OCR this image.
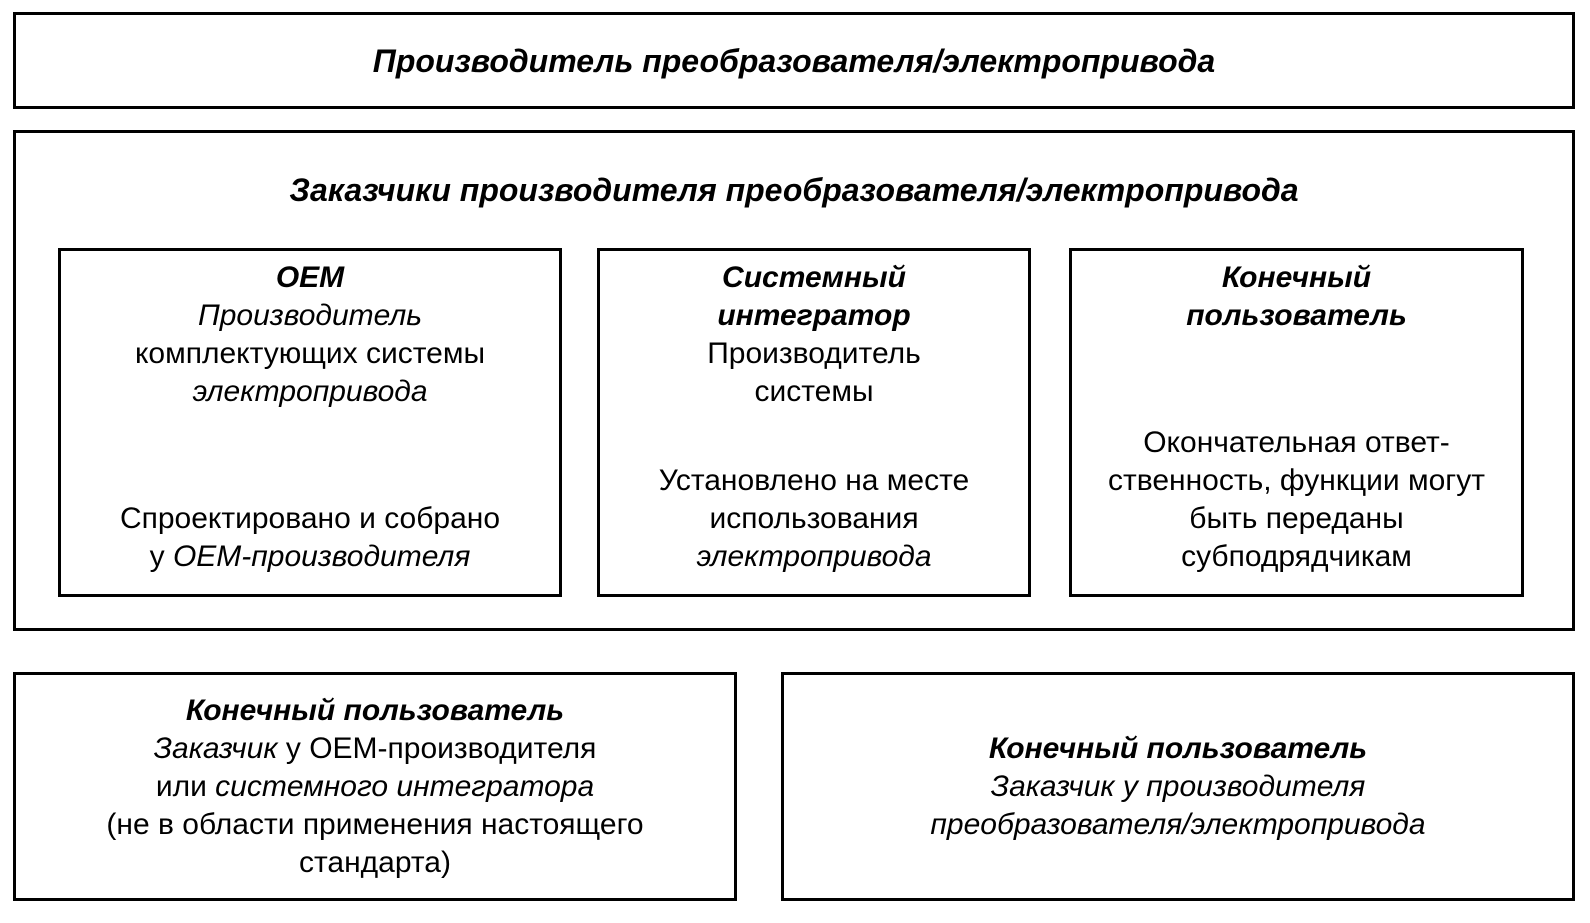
Производитель преобразователя/электропривода
Заказчики производителя преобразователя/электропривода
OEM
Производитель
комплектующих системы
электропривода
Спроектировано и собрано
у OEM-производителя
Системный
интегратор
Производитель
системы
Установлено на месте
использования
электропривода
Конечный
пользователь
Окончательная ответ-
ственность, функции могут
быть переданы
субподрядчикам
Конечный пользователь
Заказчик у OEM-производителя
или системного интегратора
(не в области применения настоящего
стандарта)
Конечный пользователь
Заказчик у производителя
преобразователя/электропривода
